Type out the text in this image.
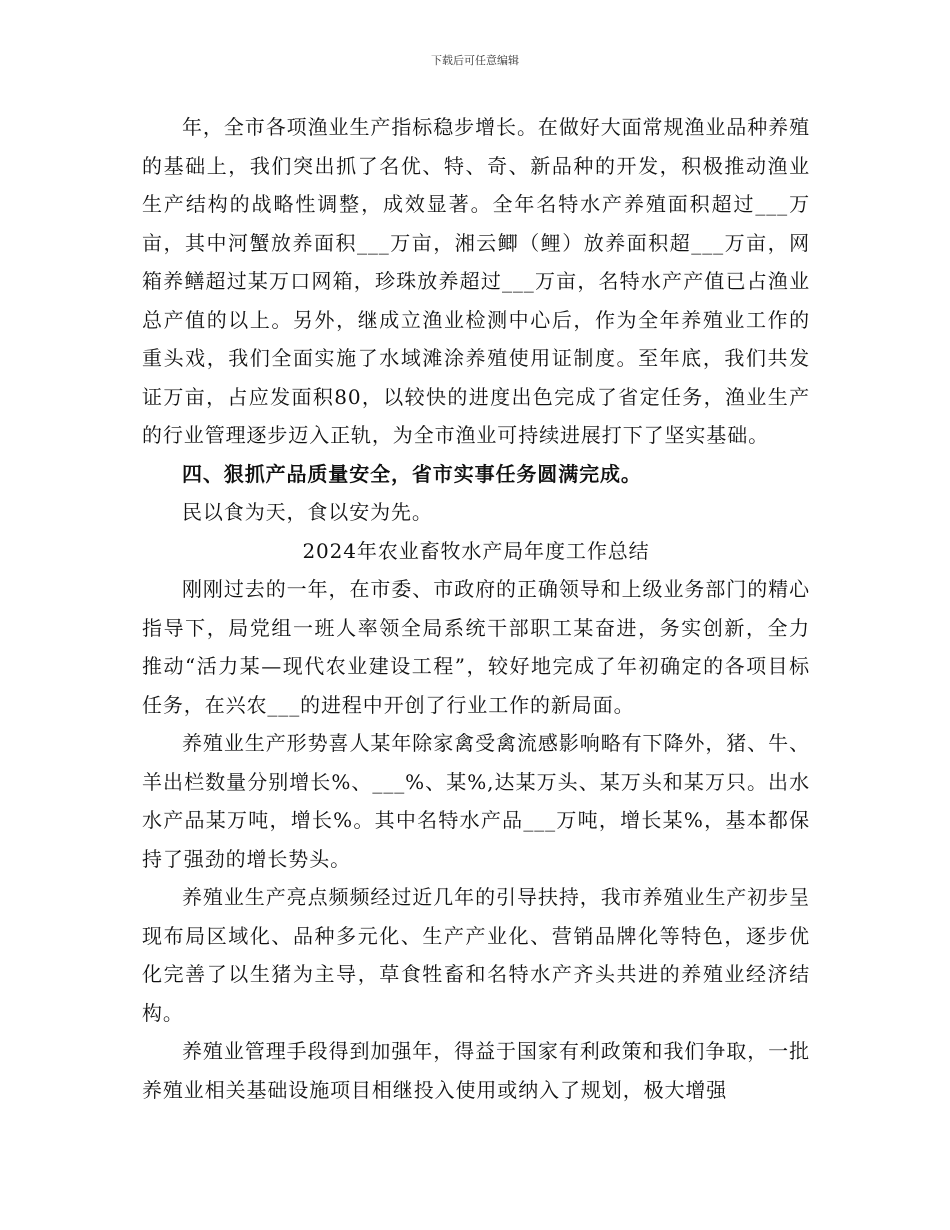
下载后可任意编辑

年，全市各项渔业生产指标稳步增长。在做好大面常规渔业品种养殖的基础上，我们突出抓了名优、特、奇、新品种的开发，积极推动渔业生产结构的战略性调整，成效显著。全年名特水产养殖面积超过___万亩，其中河蟹放养面积___万亩，湘云鲫（鲤）放养面积超___万亩，网箱养鳝超过某万口网箱，珍珠放养超过___万亩，名特水产产值已占渔业总产值的以上。另外，继成立渔业检测中心后，作为全年养殖业工作的重头戏，我们全面实施了水域滩涂养殖使用证制度。至年底，我们共发证万亩，占应发面积80，以较快的进度出色完成了省定任务，渔业生产的行业管理逐步迈入正轨，为全市渔业可持续进展打下了坚实基础。

四、狠抓产品质量安全，省市实事任务圆满完成。

民以食为天，食以安为先。

2024年农业畜牧水产局年度工作总结

刚刚过去的一年，在市委、市政府的正确领导和上级业务部门的精心指导下，局党组一班人率领全局系统干部职工某奋进，务实创新，全力推动“活力某—现代农业建设工程”，较好地完成了年初确定的各项目标任务，在兴农___的进程中开创了行业工作的新局面。

养殖业生产形势喜人某年除家禽受禽流感影响略有下降外，猪、牛、羊出栏数量分别增长%、___%、某%,达某万头、某万头和某万只。出水水产品某万吨，增长%。其中名特水产品___万吨，增长某%，基本都保持了强劲的增长势头。

养殖业生产亮点频频经过近几年的引导扶持，我市养殖业生产初步呈现布局区域化、品种多元化、生产产业化、营销品牌化等特色，逐步优化完善了以生猪为主导，草食牲畜和名特水产齐头共进的养殖业经济结构。

养殖业管理手段得到加强年，得益于国家有利政策和我们争取，一批养殖业相关基础设施项目相继投入使用或纳入了规划，极大增强
